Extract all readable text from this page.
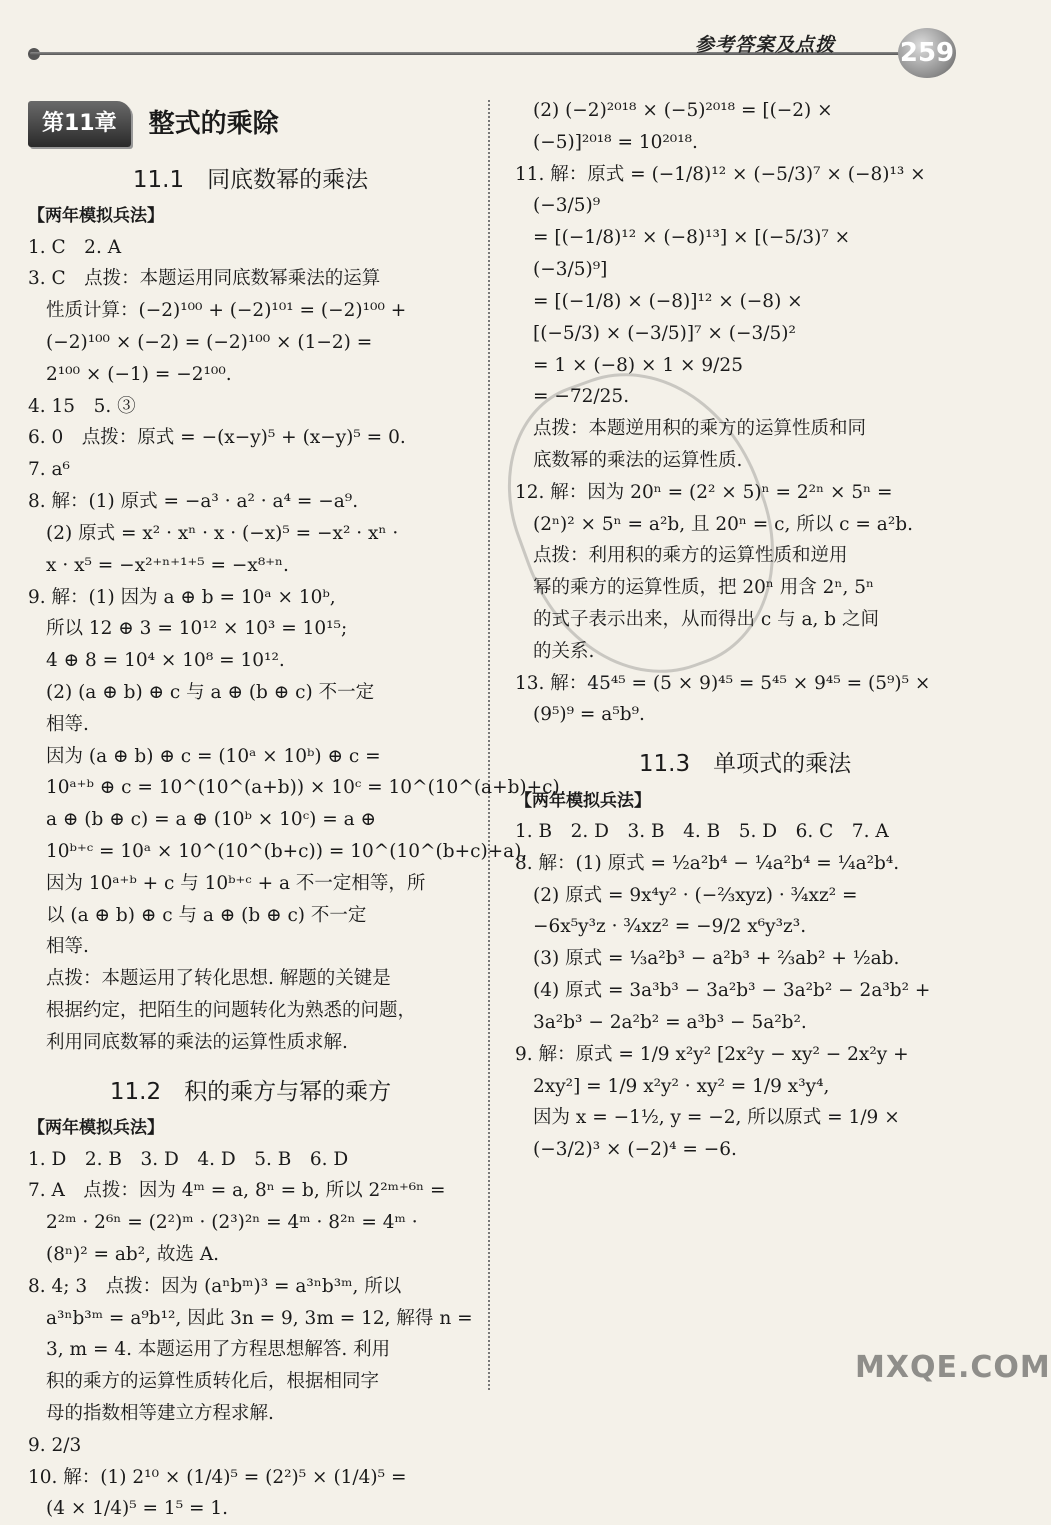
参考答案及点拨 259
第11章	整式的乘除
11.1　同底数幂的乘法
【两年模拟兵法】
1. C　2. A
3. C　点拨：本题运用同底数幂乘法的运算
性质计算：(−2)¹⁰⁰ + (−2)¹⁰¹ = (−2)¹⁰⁰ +
(−2)¹⁰⁰ × (−2) = (−2)¹⁰⁰ × (1−2) =
2¹⁰⁰ × (−1) = −2¹⁰⁰.
4. 15　5. ③
6. 0　点拨：原式 = −(x−y)⁵ + (x−y)⁵ = 0.
7. a⁶
8. 解：(1) 原式 = −a³ · a² · a⁴ = −a⁹.
(2) 原式 = x² · xⁿ · x · (−x)⁵ = −x² · xⁿ ·
x · x⁵ = −x²⁺ⁿ⁺¹⁺⁵ = −x⁸⁺ⁿ.
9. 解：(1) 因为 a ⊕ b = 10ᵃ × 10ᵇ,
所以 12 ⊕ 3 = 10¹² × 10³ = 10¹⁵;
4 ⊕ 8 = 10⁴ × 10⁸ = 10¹².
(2) (a ⊕ b) ⊕ c 与 a ⊕ (b ⊕ c) 不一定
相等.
因为 (a ⊕ b) ⊕ c = (10ᵃ × 10ᵇ) ⊕ c =
10ᵃ⁺ᵇ ⊕ c = 10^(10^(a+b)) × 10ᶜ = 10^(10^(a+b)+c),
a ⊕ (b ⊕ c) = a ⊕ (10ᵇ × 10ᶜ) = a ⊕
10ᵇ⁺ᶜ = 10ᵃ × 10^(10^(b+c)) = 10^(10^(b+c)+a),
因为 10ᵃ⁺ᵇ + c 与 10ᵇ⁺ᶜ + a 不一定相等，所
以 (a ⊕ b) ⊕ c 与 a ⊕ (b ⊕ c) 不一定
相等.
点拨：本题运用了转化思想. 解题的关键是
根据约定，把陌生的问题转化为熟悉的问题，
利用同底数幂的乘法的运算性质求解.
11.2　积的乘方与幂的乘方
【两年模拟兵法】
1. D　2. B　3. D　4. D　5. B　6. D
7. A　点拨：因为 4ᵐ = a, 8ⁿ = b, 所以 2²ᵐ⁺⁶ⁿ =
2²ᵐ · 2⁶ⁿ = (2²)ᵐ · (2³)²ⁿ = 4ᵐ · 8²ⁿ = 4ᵐ ·
(8ⁿ)² = ab², 故选 A.
8. 4; 3　点拨：因为 (aⁿbᵐ)³ = a³ⁿb³ᵐ, 所以
a³ⁿb³ᵐ = a⁹b¹², 因此 3n = 9, 3m = 12, 解得 n =
3, m = 4. 本题运用了方程思想解答. 利用
积的乘方的运算性质转化后，根据相同字
母的指数相等建立方程求解.
9. 2/3
10. 解：(1) 2¹⁰ × (1/4)⁵ = (2²)⁵ × (1/4)⁵ =
(4 × 1/4)⁵ = 1⁵ = 1.
(2) (−2)²⁰¹⁸ × (−5)²⁰¹⁸ = [(−2) ×
(−5)]²⁰¹⁸ = 10²⁰¹⁸.
11. 解：原式 = (−1/8)¹² × (−5/3)⁷ × (−8)¹³ ×
(−3/5)⁹
= [(−1/8)¹² × (−8)¹³] × [(−5/3)⁷ ×
(−3/5)⁹]
= [(−1/8) × (−8)]¹² × (−8) ×
[(−5/3) × (−3/5)]⁷ × (−3/5)²
= 1 × (−8) × 1 × 9/25
= −72/25.
点拨：本题逆用积的乘方的运算性质和同
底数幂的乘法的运算性质.
12. 解：因为 20ⁿ = (2² × 5)ⁿ = 2²ⁿ × 5ⁿ =
(2ⁿ)² × 5ⁿ = a²b, 且 20ⁿ = c, 所以 c = a²b.
点拨：利用积的乘方的运算性质和逆用
幂的乘方的运算性质，把 20ⁿ 用含 2ⁿ, 5ⁿ
的式子表示出来，从而得出 c 与 a, b 之间
的关系.
13. 解：45⁴⁵ = (5 × 9)⁴⁵ = 5⁴⁵ × 9⁴⁵ = (5⁹)⁵ ×
(9⁵)⁹ = a⁵b⁹.
11.3　单项式的乘法
【两年模拟兵法】
1. B　2. D　3. B　4. B　5. D　6. C　7. A
8. 解：(1) 原式 = ½a²b⁴ − ¼a²b⁴ = ¼a²b⁴.
(2) 原式 = 9x⁴y² · (−⅔xyz) · ¾xz² =
−6x⁵y³z · ¾xz² = −9/2 x⁶y³z³.
(3) 原式 = ⅓a²b³ − a²b³ + ⅔ab² + ½ab.
(4) 原式 = 3a³b³ − 3a²b³ − 3a²b² − 2a³b² +
3a²b³ − 2a²b² = a³b³ − 5a²b².
9. 解：原式 = 1/9 x²y² [2x²y − xy² − 2x²y +
2xy²] = 1/9 x²y² · xy² = 1/9 x³y⁴,
因为 x = −1½, y = −2, 所以原式 = 1/9 ×
(−3/2)³ × (−2)⁴ = −6.
MXQE.COM
